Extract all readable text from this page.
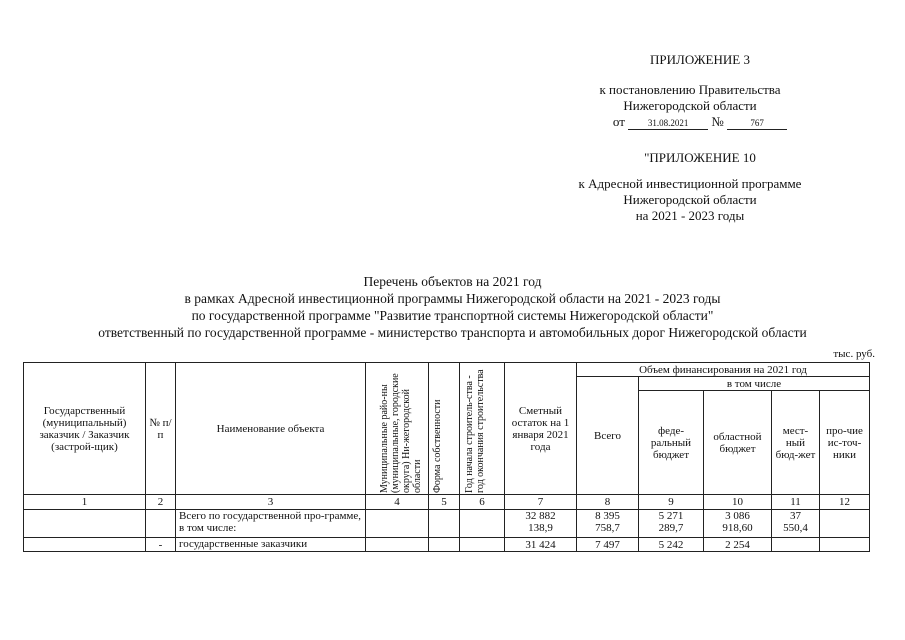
ПРИЛОЖЕНИЕ 3
к постановлению Правительства
Нижегородской области
от	31.08.2021 №	767
"ПРИЛОЖЕНИЕ 10
к Адресной инвестиционной программе
Нижегородской области
на 2021 - 2023 годы
Перечень объектов на 2021 год
в рамках Адресной инвестиционной программы Нижегородской области на 2021 - 2023 годы
по государственной программе "Развитие транспортной системы Нижегородской области"
ответственный по государственной программе - министерство транспорта и автомобильных дорог Нижегородской области
тыс. руб.
Государственный (муниципальный) заказчик / Заказчик (застрой-щик)	№ п/п	Наименование объекта	Муниципальные райо-ны (муниципальные, городские округа) Ни-жегородской области	Форма собственности	Год начала строитель-ства - год окончания строительства	Сметный остаток на 1 января 2021 года	Объем финансирования на 2021 год				
							Всего	в том числе			
								феде-ральный бюджет	областной бюджет	мест-ный бюд-жет	про-чие ис-точ-ники
1	2	3	4	5	6	7	8	9	10	11	12
		Всего по государственной про-грамме, в том числе:				32 882 138,9	8 395 758,7	5 271 289,7	3 086 918,60	37 550,4	
	-	государственные заказчики				31 424	7 497	5 242	2 254		
